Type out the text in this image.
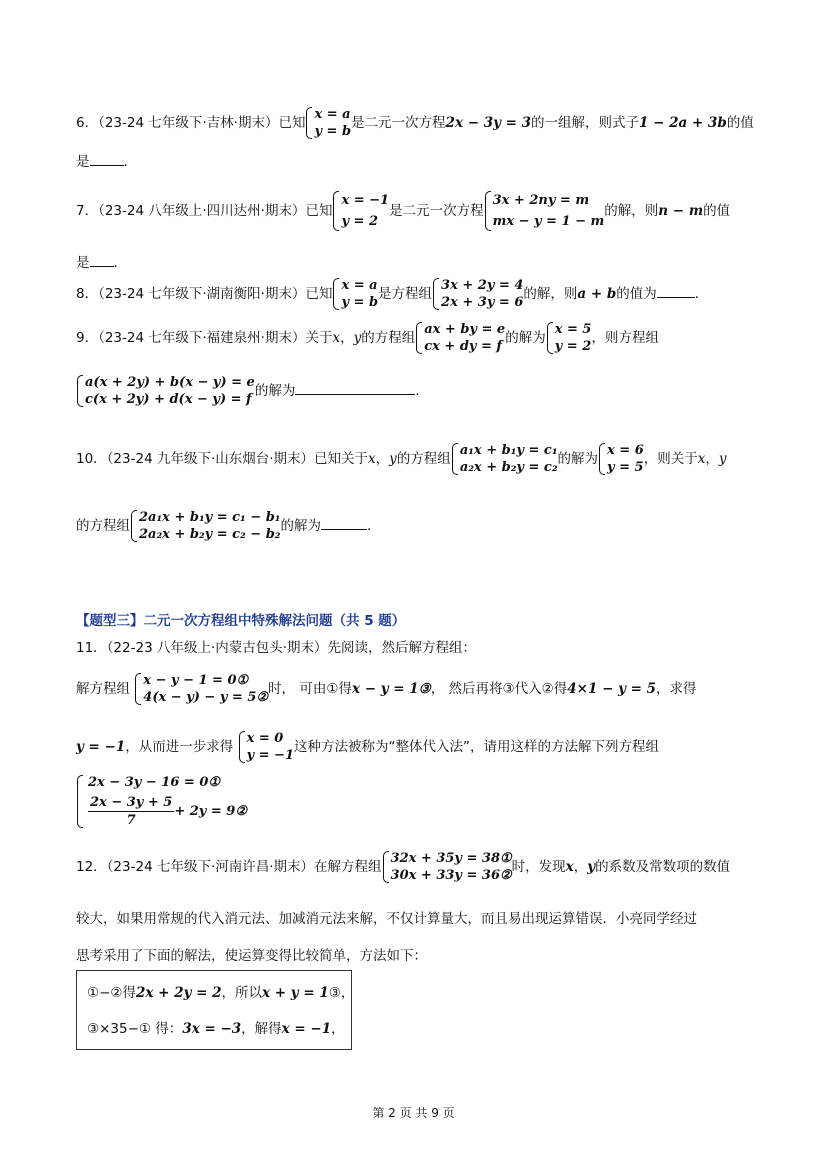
6．（23-24 七年级下·吉林·期末）已知
x = a
y = b
是二元一次方程2x − 3y = 3的一组解，则式子1 − 2a + 3b的值
是	．
7．（23-24 八年级上·四川达州·期末）已知
x = −1
y = 2
是二元一次方程
3x + 2ny = m
mx − y = 1 − m
的解，则n − m的值
是 ．
8．（23-24 七年级下·湖南衡阳·期末）已知
x = a
y = b
是方程组
3x + 2y = 4
2x + 3y = 6
的解，则a + b的值为	．
9．（23-24 七年级下·福建泉州·期末）关于x，y的方程组
ax + by = e
cx + dy = f
的解为
x = 5
y = 2
，则方程组
a(x + 2y) + b(x − y) = e
c(x + 2y) + d(x − y) = f
的解为	．
10．（23-24 九年级下·山东烟台·期末）已知关于x，y的方程组
a₁x + b₁y = c₁
a₂x + b₂y = c₂
的解为
x = 6
y = 5
，则关于x，y
的方程组
2a₁x + b₁y = c₁ − b₁
2a₂x + b₂y = c₂ − b₂
的解为	．
【题型三】二元一次方程组中特殊解法问题（共 5 题）
11．（22-23 八年级上·内蒙古包头·期末）先阅读，然后解方程组：
解方程组
x − y − 1 = 0①
4(x − y) − y = 5②
时， 可由①得x − y = 1③， 然后再将③代入②得4×1 − y = 5，求得
y = −1，从而进一步求得
x = 0
y = −1
这种方法被称为“整体代入法”，请用这样的方法解下列方程组
2x − 3y − 16 = 0①
$\frac{2x - 3y + 5}{7} + 2y$ = 9②
12．（23-24 七年级下·河南许昌·期末）在解方程组
32x + 35y = 38①
30x + 33y = 36②
时，发现x，y的系数及常数项的数值
较大，如果用常规的代入消元法、加减消元法来解，不仅计算量大，而且易出现运算错误．小亮同学经过
思考采用了下面的解法，使运算变得比较简单，方法如下：
①−②得2x + 2y = 2，所以x + y = 1③，
③×35−① 得：3x = −3，解得x = −1，
第 2 页 共 9 页
